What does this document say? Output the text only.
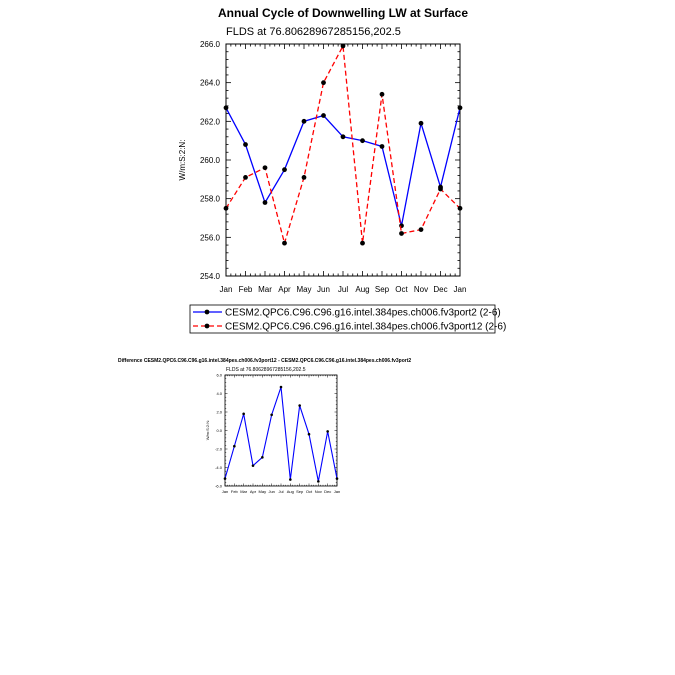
Annual Cycle of Downwelling LW at Surface
FLDS at 76.80628967285156,202.5
W/m:S:2:N:
Jan Feb Mar Apr May Jun Jul Aug Sep Oct Nov Dec Jan
254.0
256.0
258.0
260.0
262.0
264.0
266.0
CESM2.QPC6.C96.C96.g16.intel.384pes.ch006.fv3port2 (2-6)
CESM2.QPC6.C96.C96.g16.intel.384pes.ch006.fv3port12 (2-6)
Difference CESM2.QPC6.C96.C96.g16.intel.384pes.ch006.fv3port12 - CESM2.QPC6.C96.C96.g16.intel.384pes.ch006.fv3port2
FLDS at 76.80628967285156,202.5
W/m:S:2:N:
Jan Feb Mar Apr May Jun Jul Aug Sep Oct Nov Dec Jan
-6.0
-4.0
-2.0
0.0
2.0
4.0
6.0
